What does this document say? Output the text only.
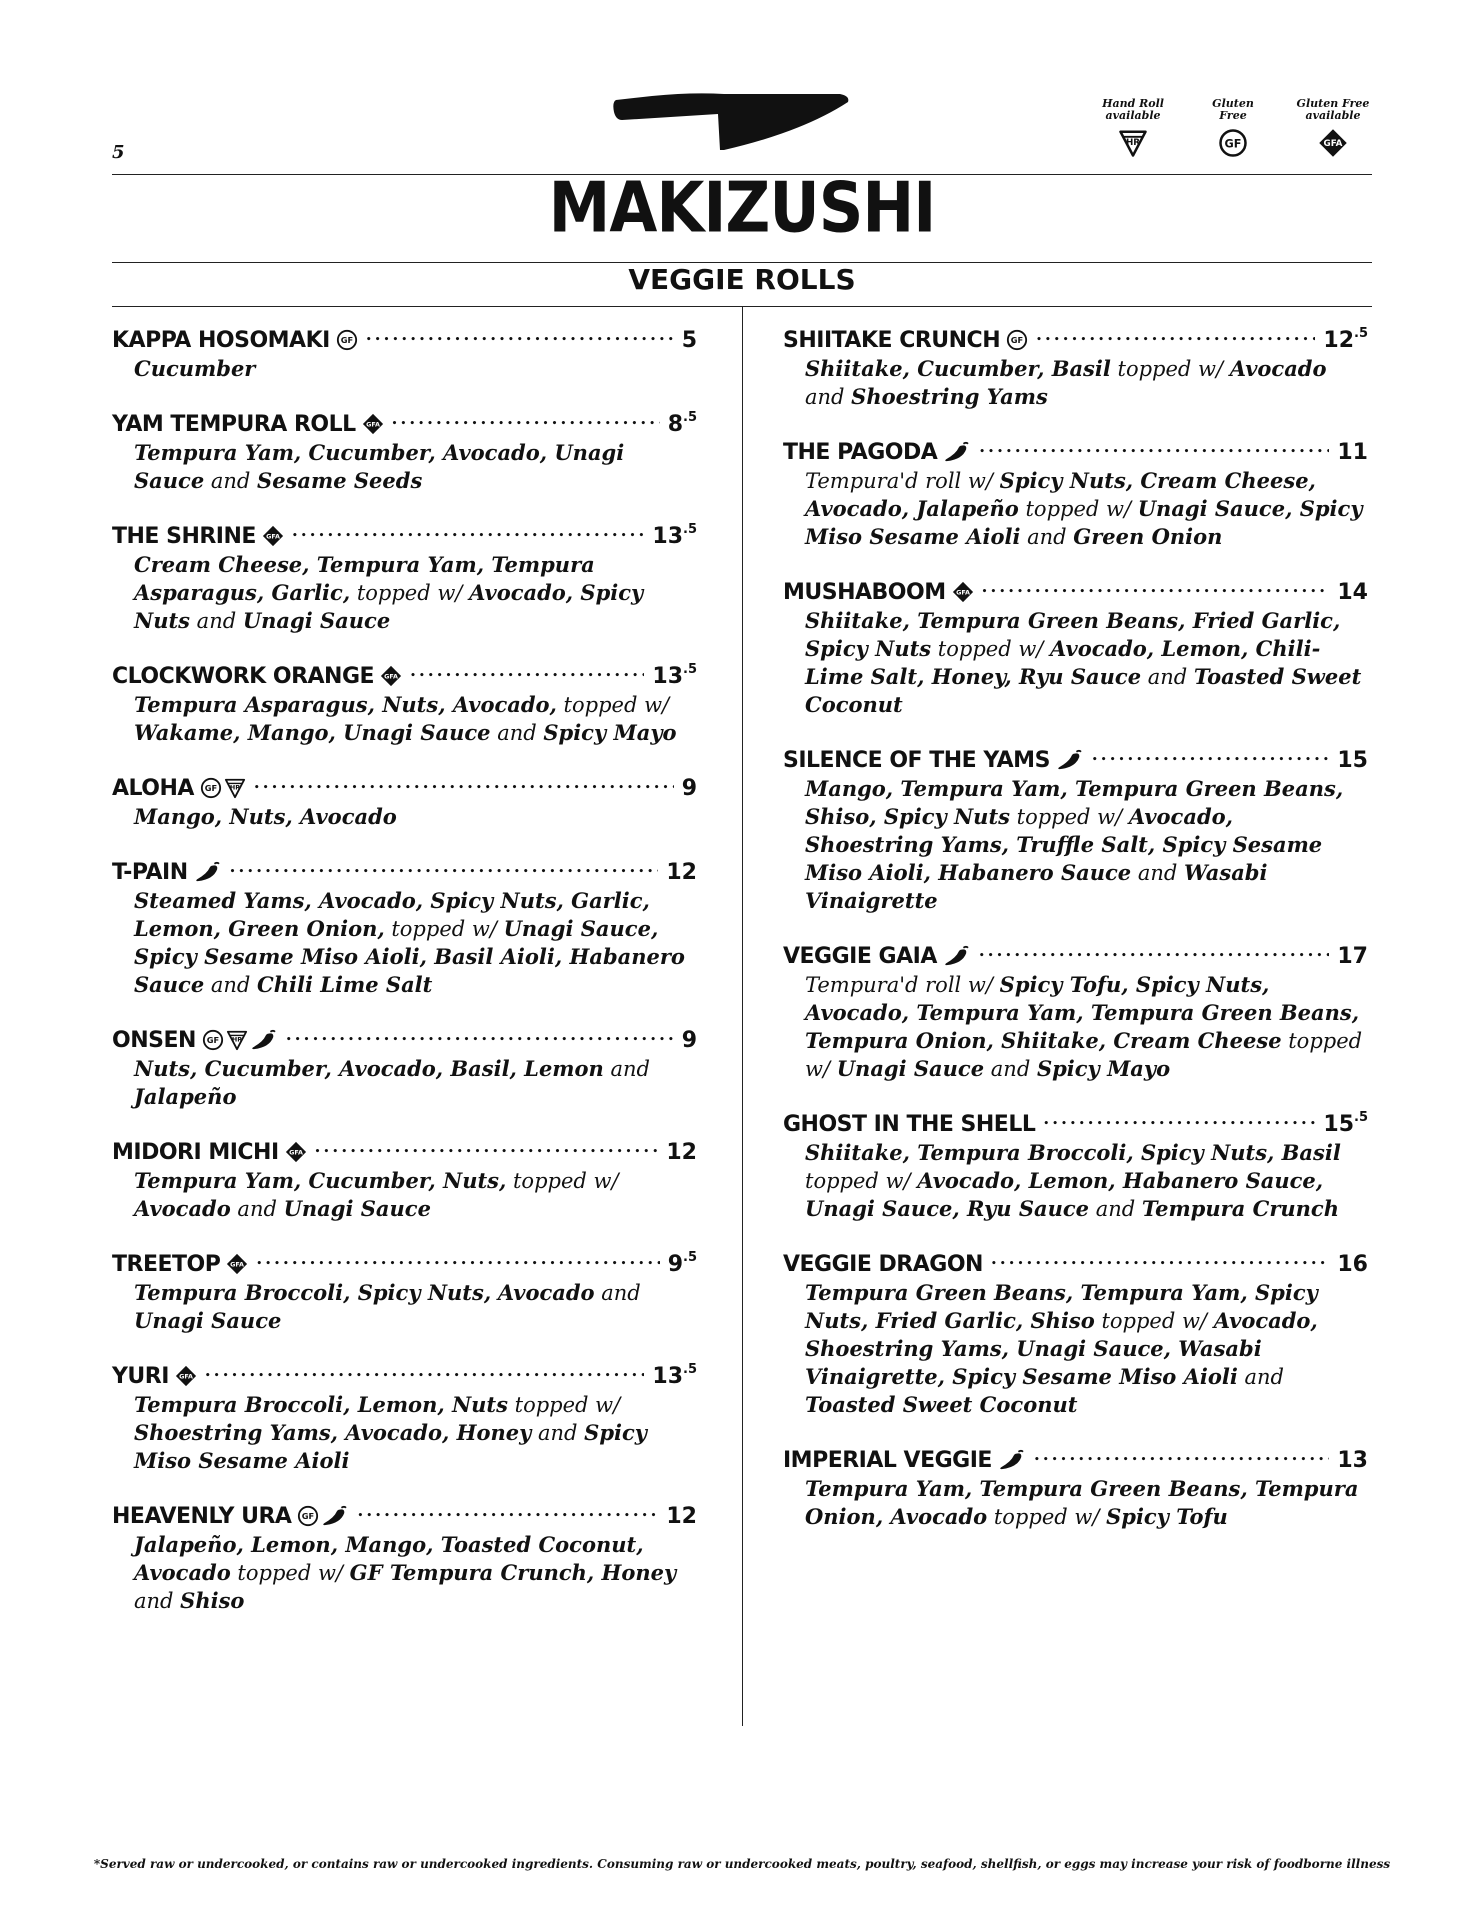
5
Hand Roll
available
HR
Gluten
Free
GF
Gluten Free
available
GFA
MAKIZUSHI
VEGGIE ROLLS
KAPPA HOSOMAKI GF • • •	5
Cucumber
YAM TEMPURA ROLL GFA • • •	$8^{.5}$
Tempura Yam, Cucumber, Avocado, Unagi Sauce and Sesame Seeds
THE SHRINE GFA • • •	$13^{.5}$
Cream Cheese, Tempura Yam, Tempura Asparagus, Garlic, topped w/ Avocado, Spicy Nuts and Unagi Sauce
CLOCKWORK ORANGE GFA • • •	$13^{.5}$
Tempura Asparagus, Nuts, Avocado, topped w/ Wakame, Mango, Unagi Sauce and Spicy Mayo
ALOHA GF HR • • •	9
Mango, Nuts, Avocado
T-PAIN • • •	12
Steamed Yams, Avocado, Spicy Nuts, Garlic, Lemon, Green Onion, topped w/ Unagi Sauce, Spicy Sesame Miso Aioli, Basil Aioli, Habanero Sauce and Chili Lime Salt
ONSEN GF HR • • •	9
Nuts, Cucumber, Avocado, Basil, Lemon and Jalapeño
MIDORI MICHI GFA • • •	12
Tempura Yam, Cucumber, Nuts, topped w/ Avocado and Unagi Sauce
TREETOP GFA • • •	$9^{.5}$
Tempura Broccoli, Spicy Nuts, Avocado and Unagi Sauce
YURI GFA • • •	$13^{.5}$
Tempura Broccoli, Lemon, Nuts topped w/ Shoestring Yams, Avocado, Honey and Spicy Miso Sesame Aioli
HEAVENLY URA GF • • •	12
Jalapeño, Lemon, Mango, Toasted Coconut, Avocado topped w/ GF Tempura Crunch, Honey and Shiso
SHIITAKE CRUNCH GF • • •	$12^{.5}$
Shiitake, Cucumber, Basil topped w/ Avocado and Shoestring Yams
THE PAGODA • • •	11
Tempura'd roll w/ Spicy Nuts, Cream Cheese, Avocado, Jalapeño topped w/ Unagi Sauce, Spicy Miso Sesame Aioli and Green Onion
MUSHABOOM GFA • • •	14
Shiitake, Tempura Green Beans, Fried Garlic, Spicy Nuts topped w/ Avocado, Lemon, Chili-Lime Salt, Honey, Ryu Sauce and Toasted Sweet Coconut
SILENCE OF THE YAMS • • •	15
Mango, Tempura Yam, Tempura Green Beans, Shiso, Spicy Nuts topped w/ Avocado, Shoestring Yams, Truffle Salt, Spicy Sesame Miso Aioli, Habanero Sauce and Wasabi Vinaigrette
VEGGIE GAIA • • •	17
Tempura'd roll w/ Spicy Tofu, Spicy Nuts, Avocado, Tempura Yam, Tempura Green Beans, Tempura Onion, Shiitake, Cream Cheese topped w/ Unagi Sauce and Spicy Mayo
GHOST IN THE SHELL • • •	$15^{.5}$
Shiitake, Tempura Broccoli, Spicy Nuts, Basil topped w/ Avocado, Lemon, Habanero Sauce, Unagi Sauce, Ryu Sauce and Tempura Crunch
VEGGIE DRAGON • • •	16
Tempura Green Beans, Tempura Yam, Spicy Nuts, Fried Garlic, Shiso topped w/ Avocado, Shoestring Yams, Unagi Sauce, Wasabi Vinaigrette, Spicy Sesame Miso Aioli and Toasted Sweet Coconut
IMPERIAL VEGGIE • • •	13
Tempura Yam, Tempura Green Beans, Tempura Onion, Avocado topped w/ Spicy Tofu
*Served raw or undercooked, or contains raw or undercooked ingredients. Consuming raw or undercooked meats, poultry, seafood, shellfish, or eggs may increase your risk of foodborne illness
